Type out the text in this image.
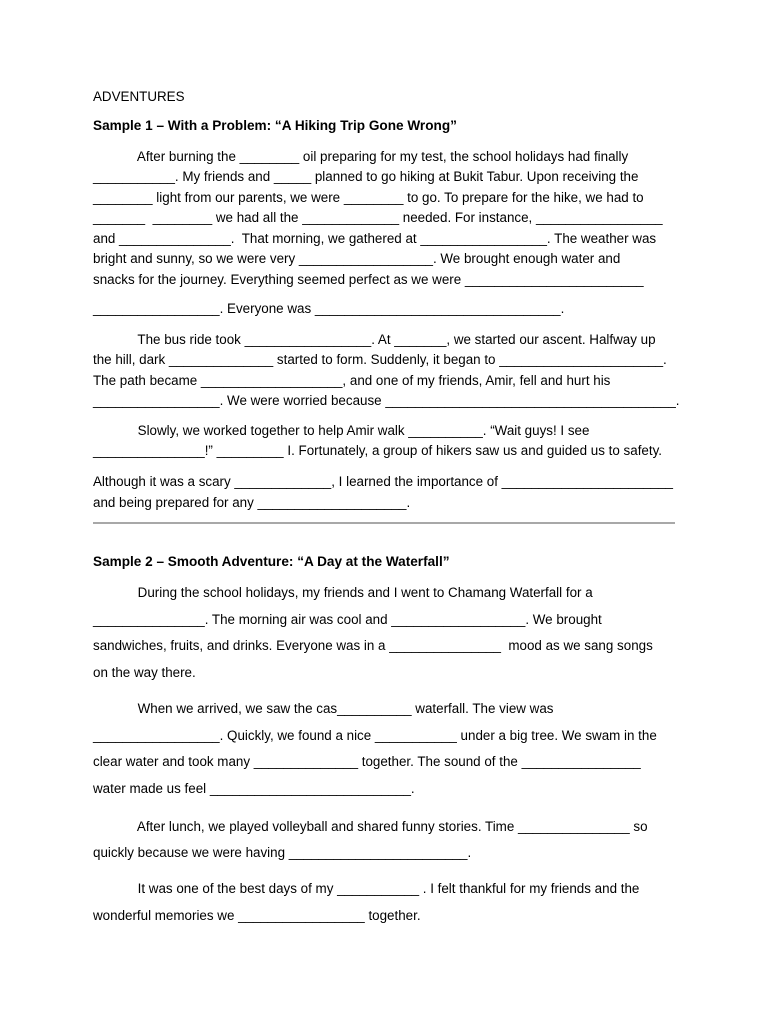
ADVENTURES
Sample 1 – With a Problem: “A Hiking Trip Gone Wrong”
After burning the ________ oil preparing for my test, the school holidays had finally
___________. My friends and _____ planned to go hiking at Bukit Tabur. Upon receiving the
________ light from our parents, we were ________ to go. To prepare for the hike, we had to
_______  ________ we had all the _____________ needed. For instance, _________________
and _______________.  That morning, we gathered at _________________. The weather was
bright and sunny, so we were very __________________. We brought enough water and
snacks for the journey. Everything seemed perfect as we were ________________________
_________________. Everyone was _________________________________.
The bus ride took _________________. At _______, we started our ascent. Halfway up
the hill, dark ______________ started to form. Suddenly, it began to ______________________.
The path became ___________________, and one of my friends, Amir, fell and hurt his
_________________. We were worried because _______________________________________.
Slowly, we worked together to help Amir walk __________. “Wait guys! I see
_______________!” _________ I. Fortunately, a group of hikers saw us and guided us to safety.
Although it was a scary _____________, I learned the importance of _______________________
and being prepared for any ____________________.
Sample 2 – Smooth Adventure: “A Day at the Waterfall”
During the school holidays, my friends and I went to Chamang Waterfall for a
_______________. The morning air was cool and __________________. We brought
sandwiches, fruits, and drinks. Everyone was in a _______________  mood as we sang songs
on the way there.
When we arrived, we saw the cas__________ waterfall. The view was
_________________. Quickly, we found a nice ___________ under a big tree. We swam in the
clear water and took many ______________ together. The sound of the ________________
water made us feel ___________________________.
After lunch, we played volleyball and shared funny stories. Time _______________ so
quickly because we were having ________________________.
It was one of the best days of my ___________ . I felt thankful for my friends and the
wonderful memories we _________________ together.
